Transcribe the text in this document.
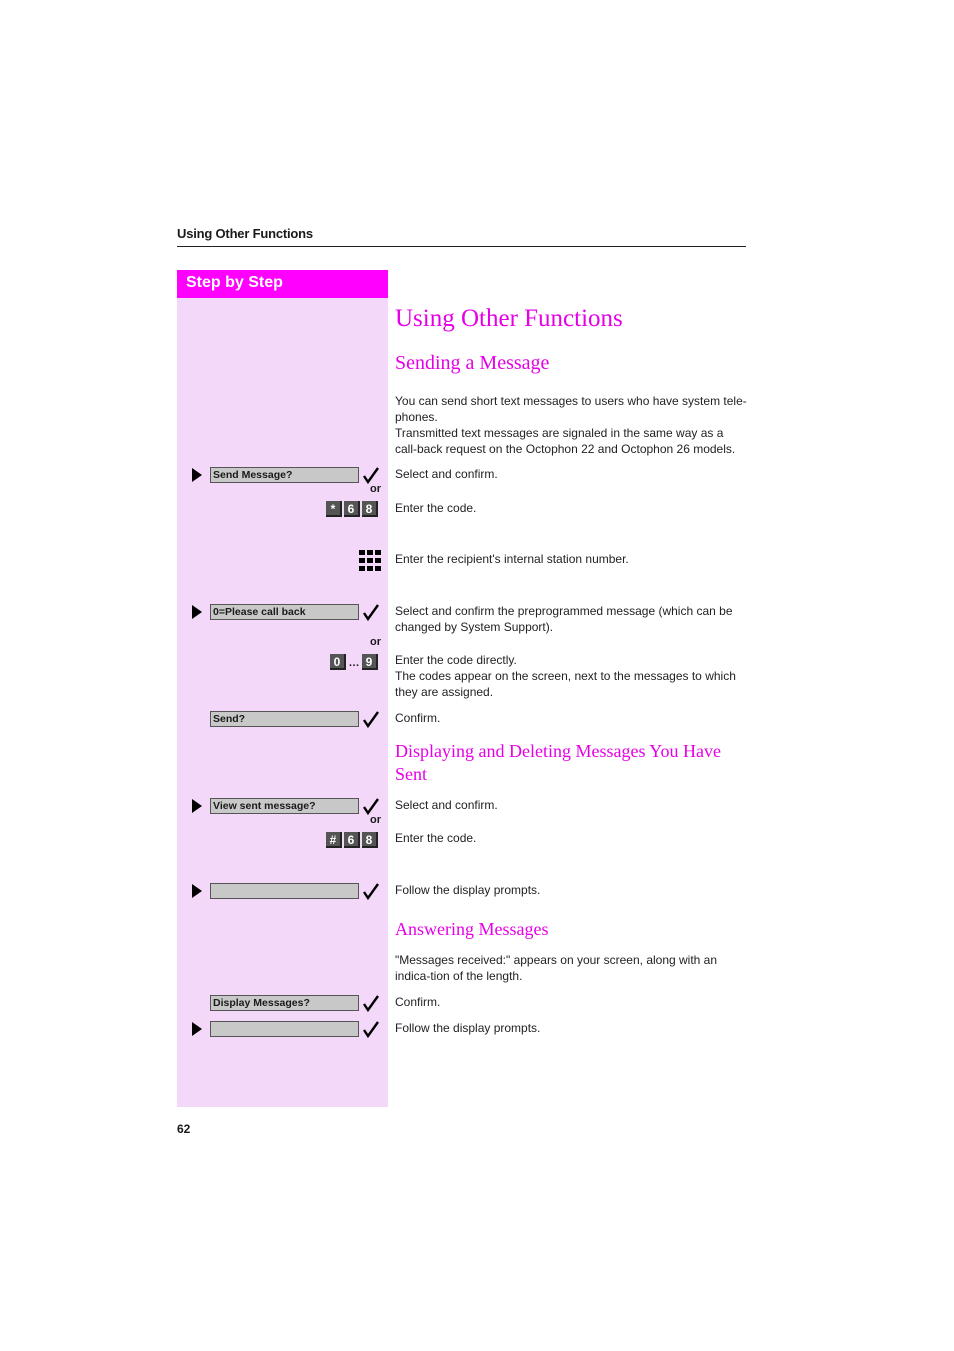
Using Other Functions
Step by Step
Using Other Functions
Sending a Message
You can send short text messages to users who have system tele-phones.
Transmitted text messages are signaled in the same way as a call-back request on the Octophon 22 and Octophon 26 models.
Send Message?	Select and confirm.
or
*	6 8	Enter the code.
Enter the recipient's internal station number.
0=Please call back	Select and confirm the preprogrammed message (which can be changed by System Support).
or
0 … 9	Enter the code directly.
The codes appear on the screen, next to the messages to which they are assigned.
Send?	Confirm.
Displaying and Deleting Messages You Have Sent
View sent message?	Select and confirm.
or
# 6 8	Enter the code.
Follow the display prompts.
Answering Messages
"Messages received:" appears on your screen, along with an indica-tion of the length.
Display Messages?	Confirm.
Follow the display prompts.
62
